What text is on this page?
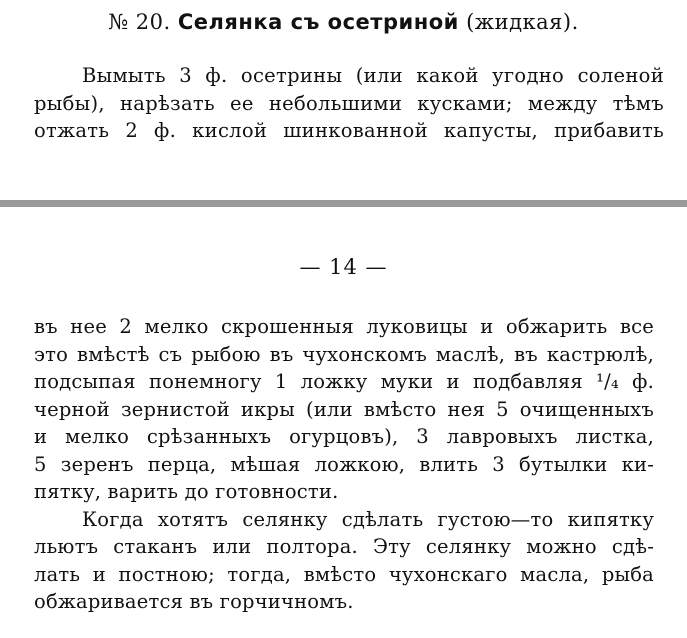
№ 20. Селянка съ осетриной (жидкая).
Вымыть 3 ф. осетрины (или какой угодно соленой
рыбы), нарѣзать ее небольшими кусками; между тѣмъ
отжать 2 ф. кислой шинкованной капусты, прибавить
— 14 —
въ нее 2 мелко скрошенныя луковицы и обжарить все
это вмѣстѣ съ рыбою въ чухонскомъ маслѣ, въ кастрюлѣ,
подсыпая понемногу 1 ложку муки и подбавляя ¹/₄ ф.
черной зернистой икры (или вмѣсто нея 5 очищенныхъ
и мелко срѣзанныхъ огурцовъ), 3 лавровыхъ листка,
5 зеренъ перца, мѣшая ложкою, влить 3 бутылки ки-
пятку, варить до готовности.
Когда хотятъ селянку сдѣлать густою—то кипятку
льютъ стаканъ или полтора. Эту селянку можно сдѣ-
лать и постною; тогда, вмѣсто чухонскаго масла, рыба
обжаривается въ горчичномъ.
